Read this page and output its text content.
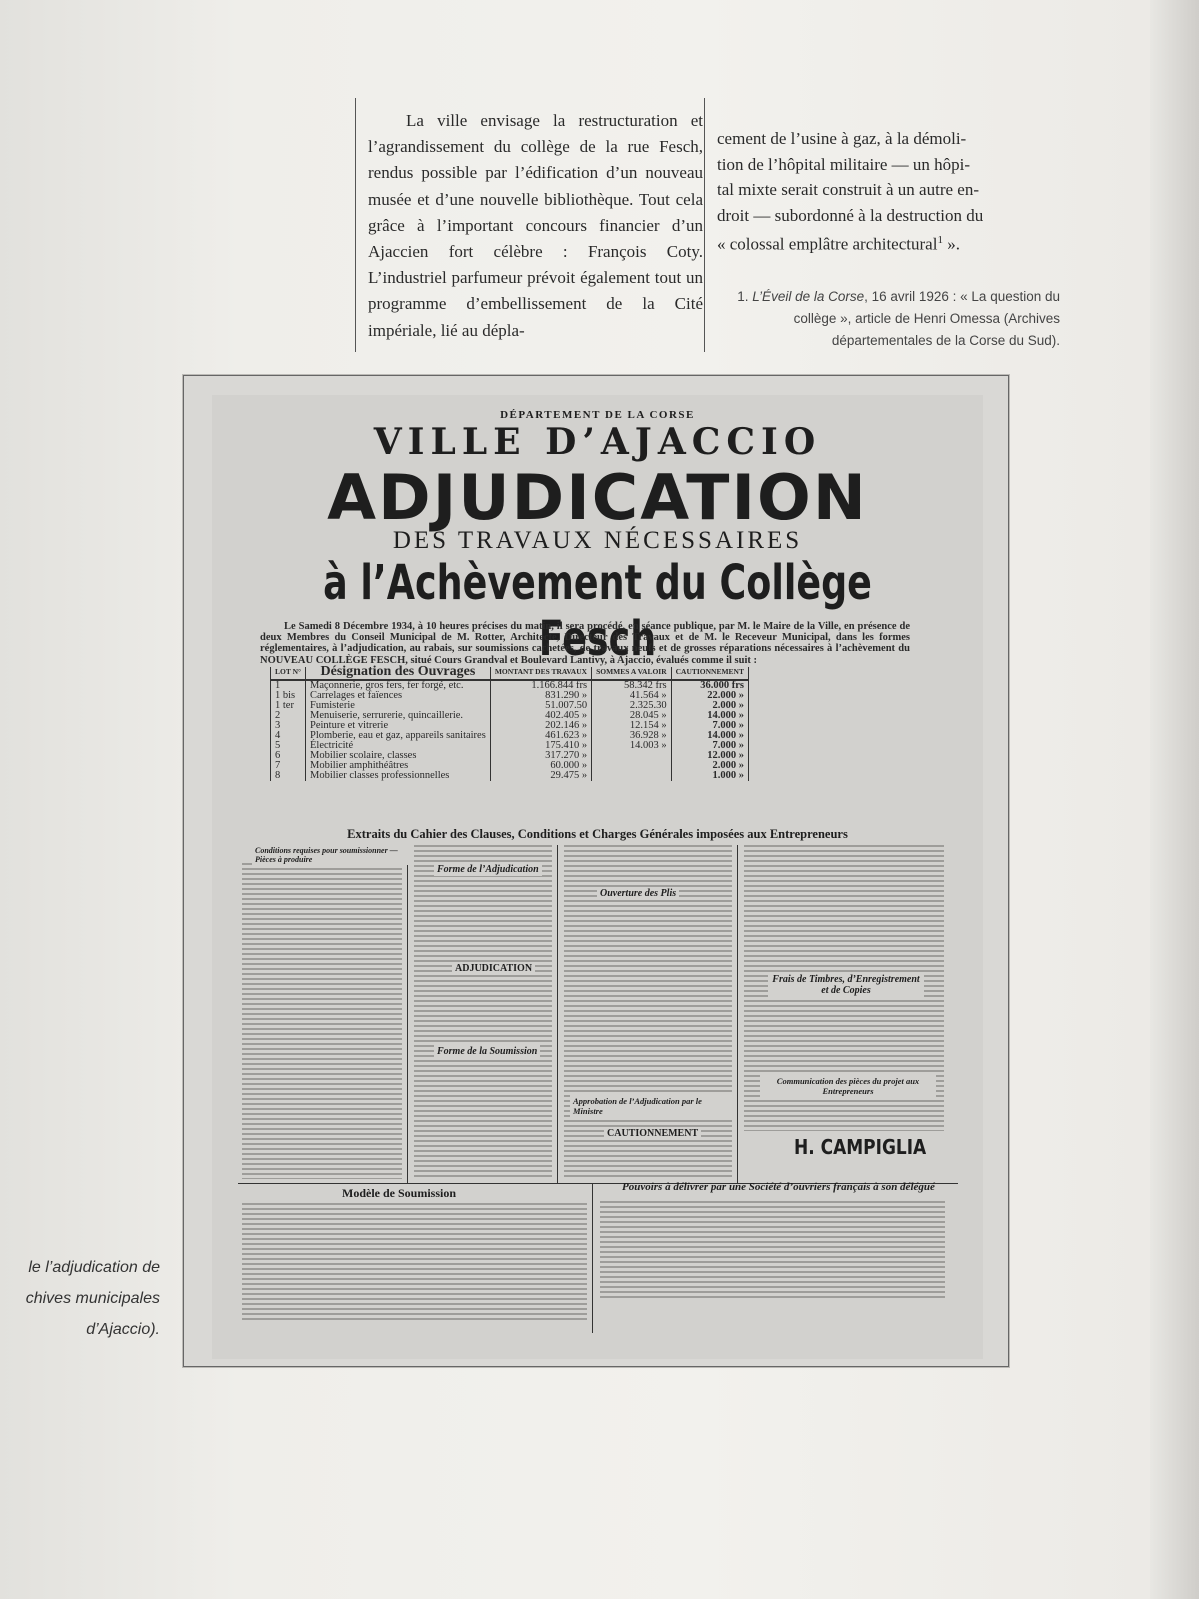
La ville envisage la restructuration et l’agrandissement du collège de la rue Fesch, rendus possible par l’édification d’un nouveau musée et d’une nouvelle bibliothèque. Tout cela grâce à l’important concours financier d’un Ajaccien fort célèbre : François Coty. L’industriel parfumeur prévoit également tout un programme d’embellissement de la Cité impériale, lié au dépla-

cement de l’usine à gaz, à la démoli-
tion de l’hôpital militaire — un hôpi-
tal mixte serait construit à un autre en-
droit — subordonné à la destruction du
« colossal emplâtre architectural$^1$ ».
1. L’Éveil de la Corse, 16 avril 1926 : « La question du collège », article de Henri Omessa (Archives départementales de la Corse du Sud).
le l’adjudication de
chives municipales
d’Ajaccio).
DÉPARTEMENT DE LA CORSE
VILLE D’AJACCIO
ADJUDICATION
DES TRAVAUX NÉCESSAIRES
à l’Achèvement du Collège Fesch
Le Samedi 8 Décembre 1934, à 10 heures précises du matin, il sera procédé, en séance publique, par M. le Maire de la Ville, en présence de deux Membres du Conseil Municipal de M. Rotter, Architecte, Directeur des Travaux et de M. le Receveur Municipal, dans les formes réglementaires, à l’adjudication, au rabais, sur soumissions cachetées, de travaux neufs et de grosses réparations nécessaires à l’achèvement du NOUVEAU COLLÈGE FESCH, situé Cours Grandval et Boulevard Lantivy, à Ajaccio, évalués comme il suit :
LOT N°	Désignation des Ouvrages	MONTANT DES TRAVAUX	SOMMES A VALOIR	CAUTIONNEMENT
1	Maçonnerie, gros fers, fer forgé, etc.	1.166.844 frs	58.342 frs	36.000 frs
1 bis	Carrelages et faïences	831.290 »	41.564 »	22.000 »
1 ter	Fumisterie	51.007.50	2.325.30	2.000 »
2	Menuiserie, serrurerie, quincaillerie.	402.405 »	28.045 »	14.000 »
3	Peinture et vitrerie	202.146 »	12.154 »	7.000 »
4	Plomberie, eau et gaz, appareils sanitaires	461.623 »	36.928 »	14.000 »
5	Électricité	175.410 »	14.003 »	7.000 »
6	Mobilier scolaire, classes	317.270 »		12.000 »
7	Mobilier amphithéâtres	60.000 »		2.000 »
8	Mobilier classes professionnelles	29.475 »		1.000 »
Extraits du Cahier des Clauses, Conditions et Charges Générales imposées aux Entrepreneurs
Conditions requises pour soumissionner — Pièces à produire
Forme de l’Adjudication
ADJUDICATION
Forme de la Soumission
Ouverture des Plis
Approbation de l’Adjudication par le Ministre
CAUTIONNEMENT
Frais de Timbres, d’Enregistrement et de Copies
Communication des pièces du projet aux Entrepreneurs
H. CAMPIGLIA
Modèle de Soumission	Pouvoirs à délivrer par une Société d’ouvriers français à son délégué
